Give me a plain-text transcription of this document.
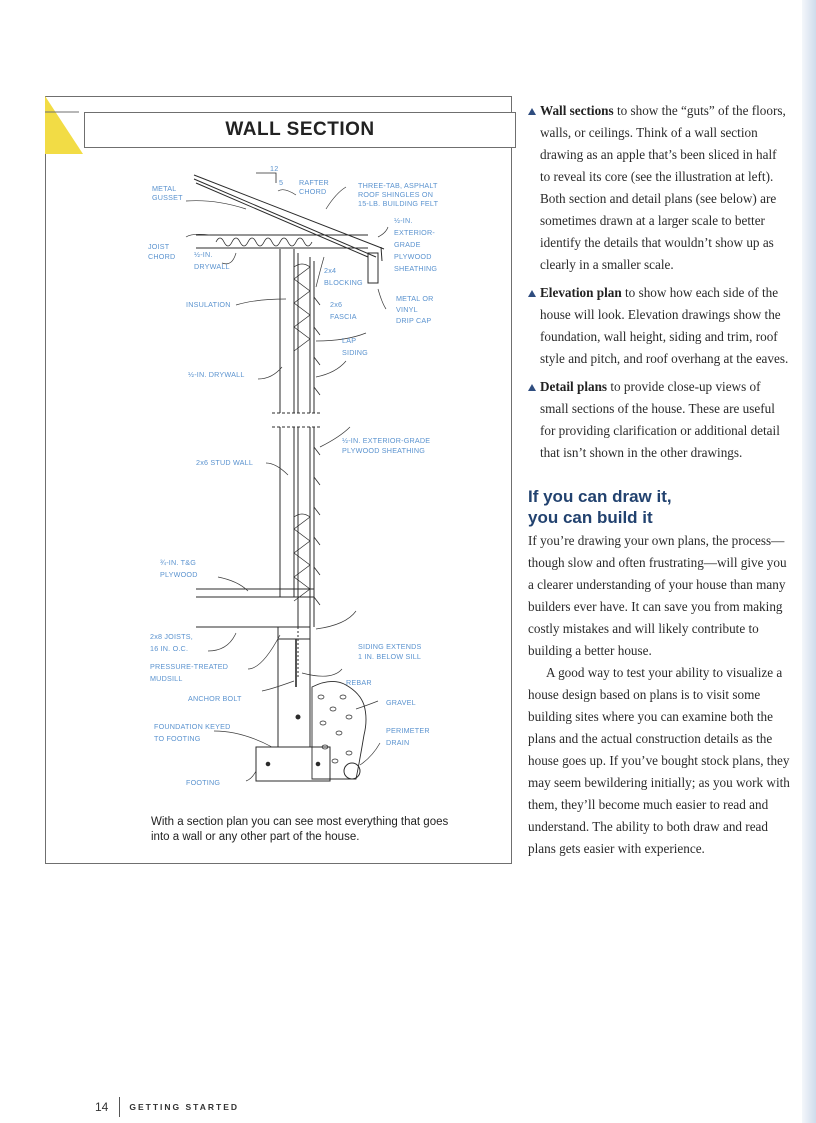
WALL SECTION
12
5
METAL
GUSSET
RAFTER
CHORD
THREE-TAB, ASPHALT
ROOF SHINGLES ON
15-LB. BUILDING FELT
½-IN.
EXTERIOR-
GRADE
PLYWOOD
SHEATHING
JOIST
CHORD	½-IN.
DRYWALL	2x4
BLOCKING
INSULATION	2x6
FASCIA
METAL OR
VINYL
DRIP CAP
LAP
SIDING
½-IN. DRYWALL
½-IN. EXTERIOR-GRADE
PLYWOOD SHEATHING
2x6 STUD WALL
¾-IN. T&G
PLYWOOD
2x8 JOISTS,
16 IN. O.C.
PRESSURE-TREATED
MUDSILL
ANCHOR BOLT
SIDING EXTENDS
1 IN. BELOW SILL
REBAR
GRAVEL
FOUNDATION KEYED
TO FOOTING
PERIMETER
DRAIN
FOOTING
With a section plan you can see most everything that goes into a wall or any other part of the house.
Wall sections to show the “guts” of the floors, walls, or ceilings. Think of a wall section drawing as an apple that’s been sliced in half to reveal its core (see the illustration at left). Both section and detail plans (see below) are sometimes drawn at a larger scale to better identify the details that wouldn’t show up as clearly in a smaller scale.
Elevation plan to show how each side of the house will look. Elevation drawings show the foundation, wall height, siding and trim, roof style and pitch, and roof overhang at the eaves.
Detail plans to provide close-up views of small sections of the house. These are useful for providing clarification or additional detail that isn’t shown in the other drawings.
If you can draw it,
you can build it

If you’re drawing your own plans, the process—though slow and often frustrating—will give you a clearer understanding of your house than many builders ever have. It can save you from making costly mistakes and will likely contribute to building a better house.

A good way to test your ability to visualize a house design based on plans is to visit some building sites where you can examine both the plans and the actual construction details as the house goes up. If you’ve bought stock plans, they may seem bewildering initially; as you work with them, they’ll become much easier to read and understand. The ability to both draw and read plans gets easier with experience.

14 GETTING STARTED
